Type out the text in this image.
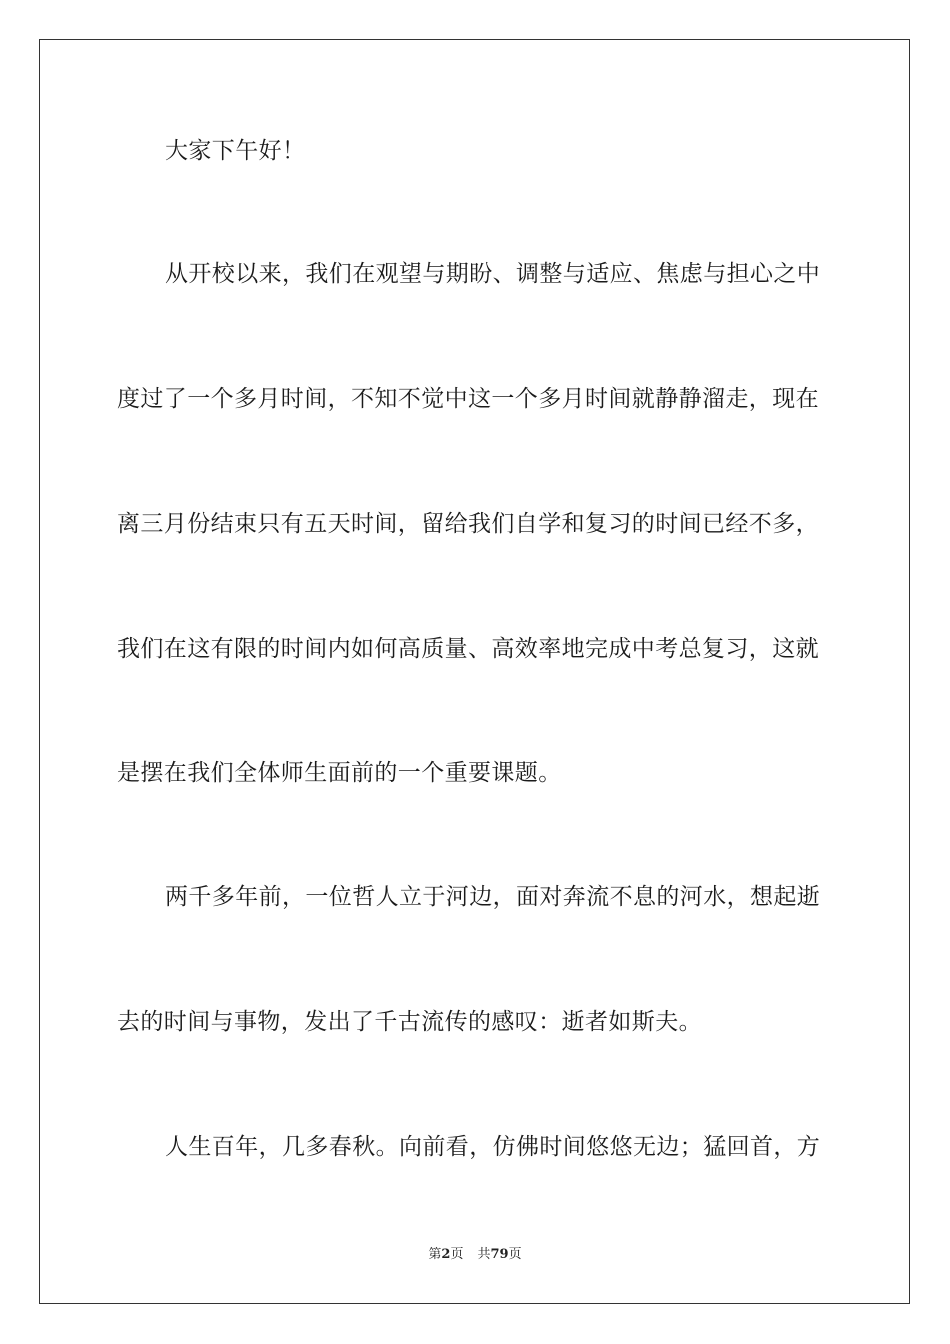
大家下午好！
从开校以来，我们在观望与期盼、调整与适应、焦虑与担心之中
度过了一个多月时间，不知不觉中这一个多月时间就静静溜走，现在
离三月份结束只有五天时间，留给我们自学和复习的时间已经不多，
我们在这有限的时间内如何高质量、高效率地完成中考总复习，这就
是摆在我们全体师生面前的一个重要课题。
两千多年前，一位哲人立于河边，面对奔流不息的河水，想起逝
去的时间与事物，发出了千古流传的感叹：逝者如斯夫。
人生百年，几多春秋。向前看，仿佛时间悠悠无边；猛回首，方
第2页 共79页
